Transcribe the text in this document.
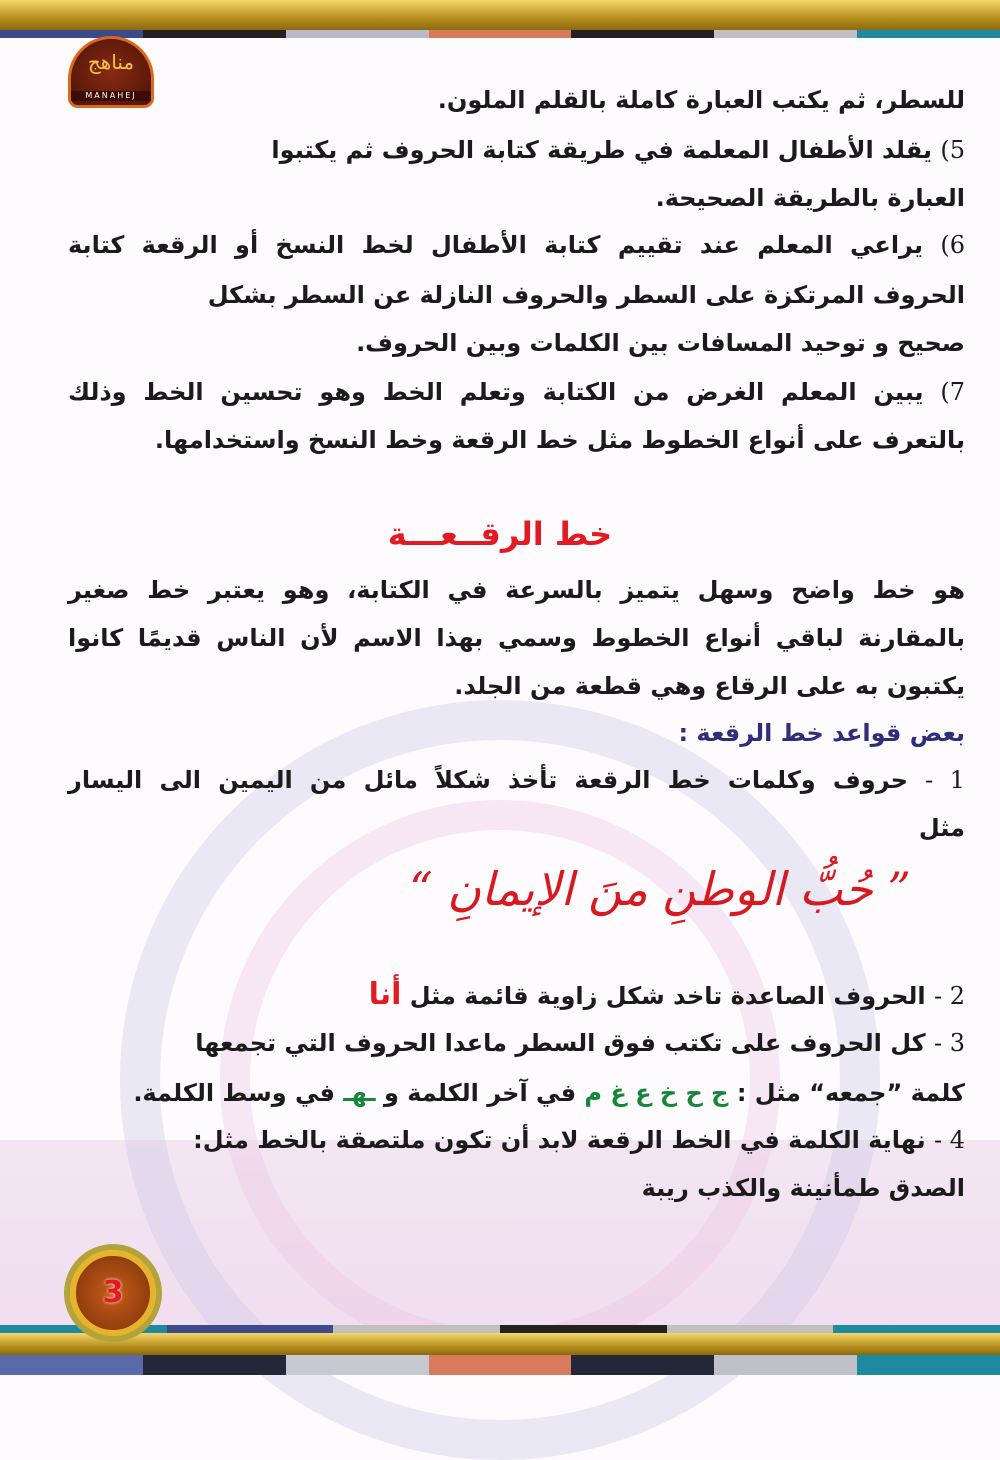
مناهج
MANAHEJ	للسطر، ثم يكتب العبارة كاملة بالقلم الملون.
5) يقلد الأطفال المعلمة في طريقة كتابة الحروف ثم يكتبوا
العبارة بالطريقة الصحيحة.
6) يراعي المعلم عند تقييم كتابة الأطفال لخط النسخ أو الرقعة كتابة
الحروف المرتكزة على السطر والحروف النازلة عن السطر بشكل
صحيح و توحيد المسافات بين الكلمات وبين الحروف.
7) يبين المعلم الغرض من الكتابة وتعلم الخط وهو تحسين الخط وذلك
بالتعرف على أنواع الخطوط مثل خط الرقعة وخط النسخ واستخدامها.
خط الرقــعـــة
هو خط واضح وسهل يتميز بالسرعة في الكتابة، وهو يعتبر خط صغير
بالمقارنة لباقي أنواع الخطوط وسمي بهذا الاسم لأن الناس قديمًا كانوا
يكتبون به على الرقاع وهي قطعة من الجلد.
بعض قواعد خط الرقعة :
1 - حروف وكلمات خط الرقعة تأخذ شكلاً مائل من اليمين الى اليسار
مثل
” حُبُّ الوطنِ منَ الإيمانِ “
2 - الحروف الصاعدة تاخد شكل زاوية قائمة مثل أنا
3 - كل الحروف على تكتب فوق السطر ماعدا الحروف التي تجمعها
كلمة ”جمعه“ مثل : ج ح خ ع غ م في آخر الكلمة و ـهـ في وسط الكلمة.
4 - نهاية الكلمة في الخط الرقعة لابد أن تكون ملتصقة بالخط مثل:
الصدق طمأنينة والكذب ريبة
3
